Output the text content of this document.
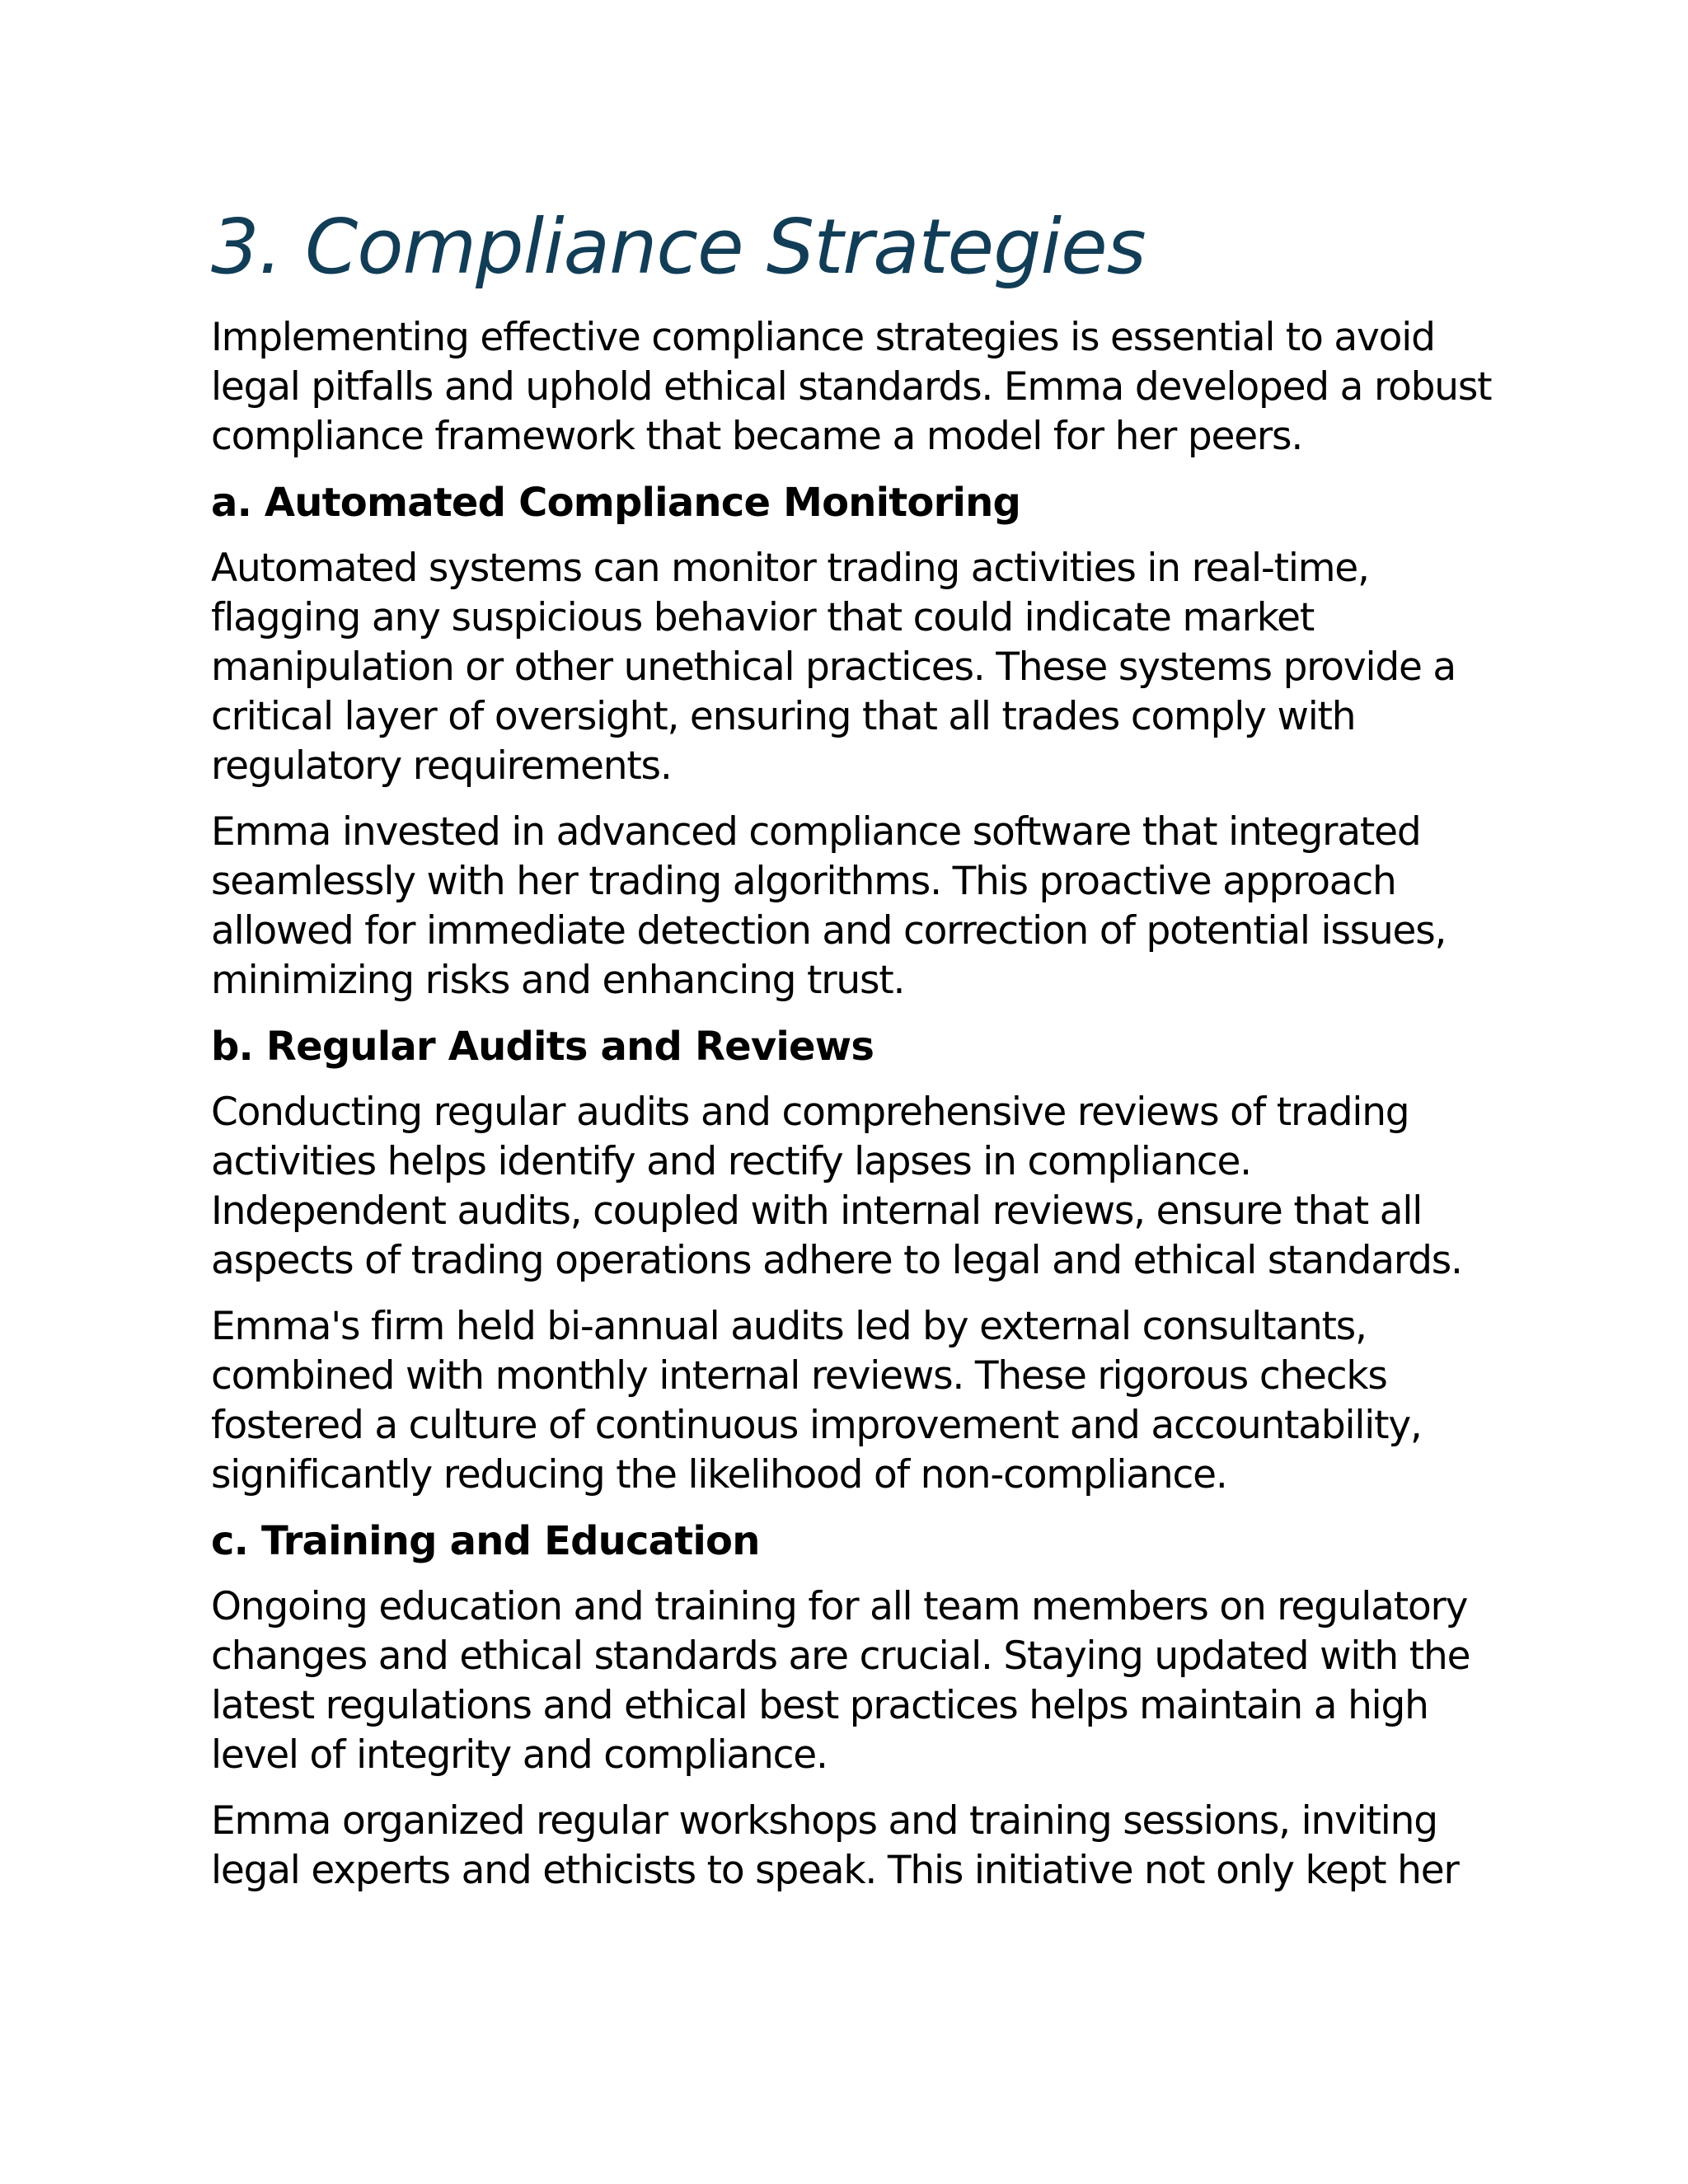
3. Compliance Strategies

Implementing effective compliance strategies is essential to avoid legal pitfalls and uphold ethical standards. Emma developed a robust compliance framework that became a model for her peers.

a. Automated Compliance Monitoring

Automated systems can monitor trading activities in real-time, flagging any suspicious behavior that could indicate market manipulation or other unethical practices. These systems provide a critical layer of oversight, ensuring that all trades comply with regulatory requirements.

Emma invested in advanced compliance software that integrated seamlessly with her trading algorithms. This proactive approach allowed for immediate detection and correction of potential issues, minimizing risks and enhancing trust.

b. Regular Audits and Reviews

Conducting regular audits and comprehensive reviews of trading activities helps identify and rectify lapses in compliance. Independent audits, coupled with internal reviews, ensure that all aspects of trading operations adhere to legal and ethical standards.

Emma's firm held bi-annual audits led by external consultants, combined with monthly internal reviews. These rigorous checks fostered a culture of continuous improvement and accountability, significantly reducing the likelihood of non-compliance.

c. Training and Education

Ongoing education and training for all team members on regulatory changes and ethical standards are crucial. Staying updated with the latest regulations and ethical best practices helps maintain a high level of integrity and compliance.

Emma organized regular workshops and training sessions, inviting legal experts and ethicists to speak. This initiative not only kept her
